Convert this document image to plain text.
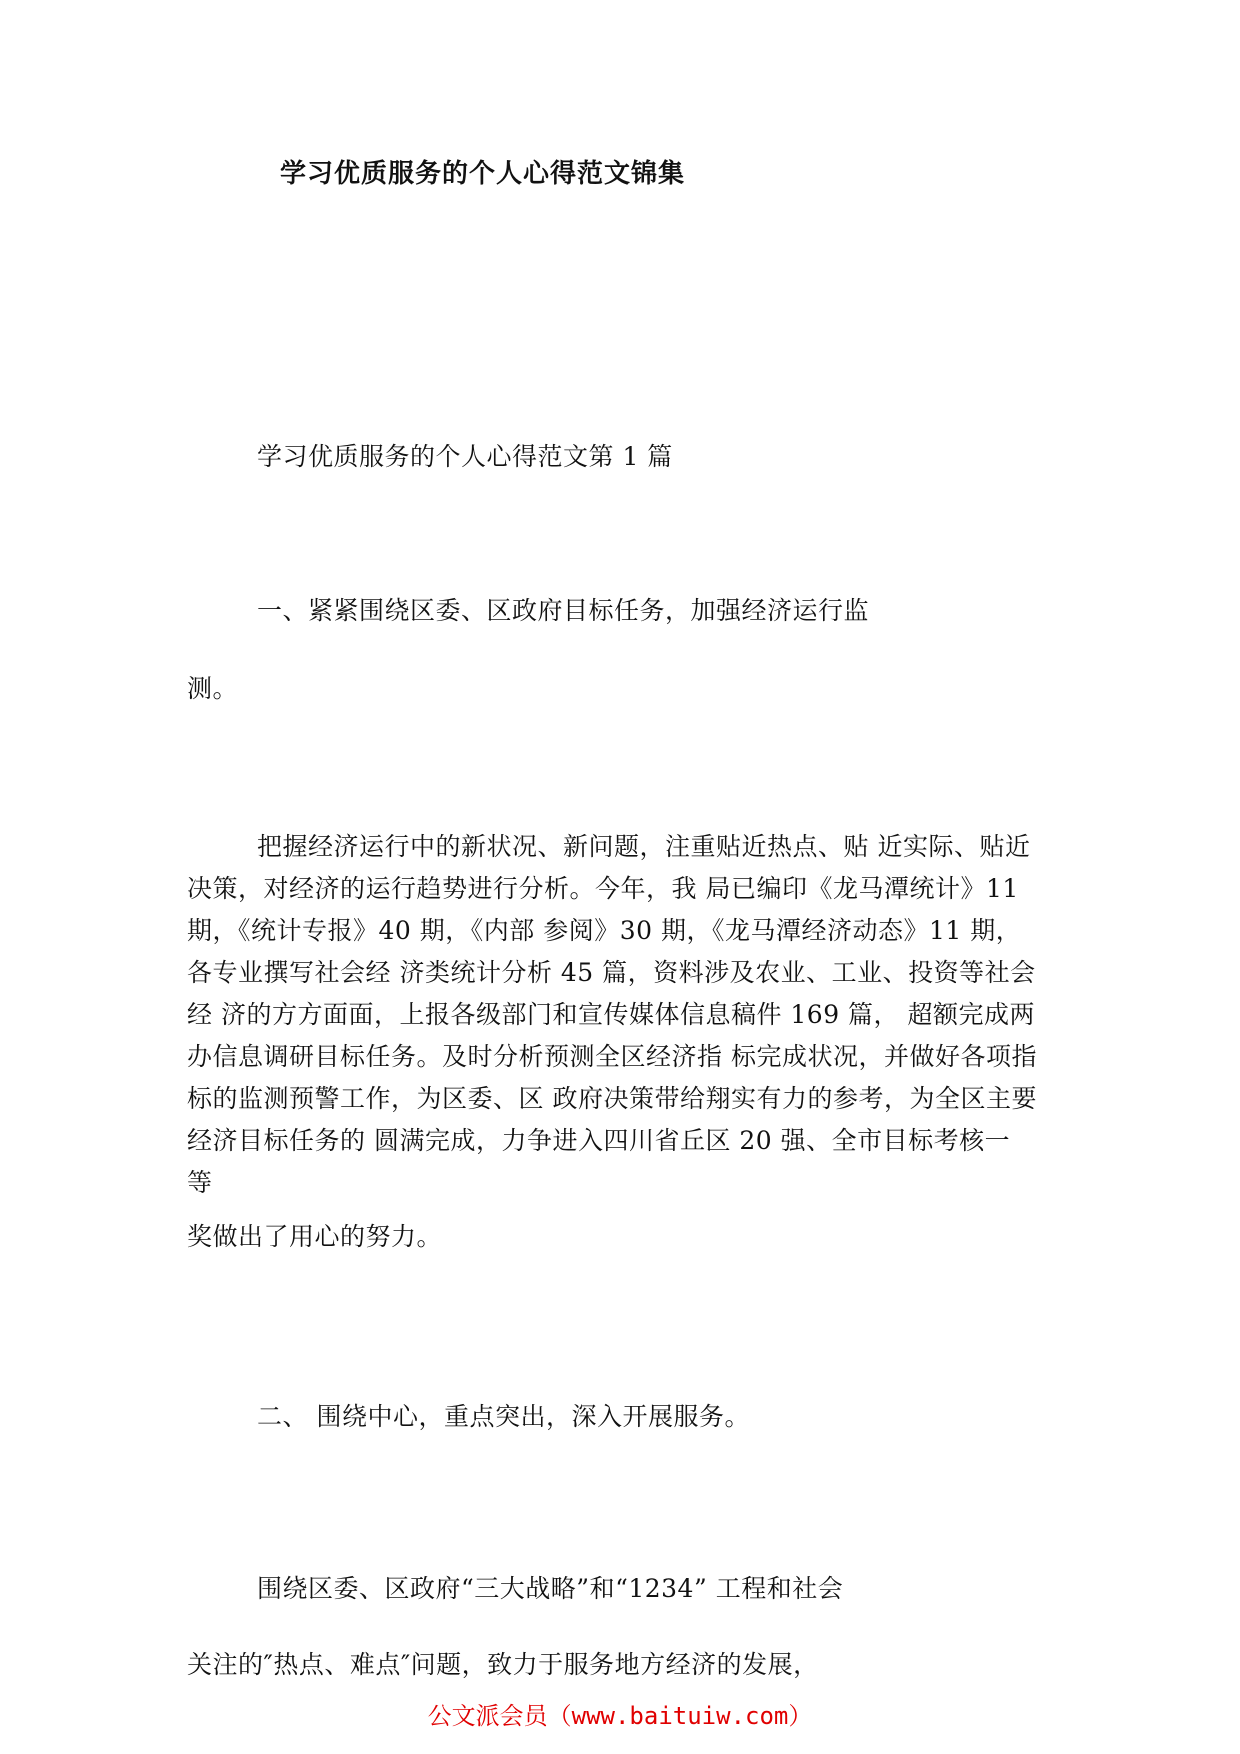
学习优质服务的个人心得范文锦集

学习优质服务的个人心得范文第 1 篇

一、紧紧围绕区委、区政府目标任务，加强经济运行监

测。

把握经济运行中的新状况、新问题，注重贴近热点、贴 近实际、贴近
决策，对经济的运行趋势进行分析。今年，我 局已编印《龙马潭统计》11
期，《统计专报》40 期，《内部 参阅》30 期，《龙马潭经济动态》11 期，
各专业撰写社会经 济类统计分析 45 篇，资料涉及农业、工业、投资等社会
经 济的方方面面，上报各级部门和宣传媒体信息稿件 169 篇， 超额完成两
办信息调研目标任务。及时分析预测全区经济指 标完成状况，并做好各项指
标的监测预警工作，为区委、区 政府决策带给翔实有力的参考，为全区主要
经济目标任务的 圆满完成，力争进入四川省丘区 20 强、全市目标考核一
等

奖做出了用心的努力。

二、 围绕中心，重点突出，深入开展服务。

围绕区委、区政府“三大战略”和“1234” 工程和社会

关注的″热点、难点″问题，致力于服务地方经济的发展，

公文派会员（www.baituiw.com）
